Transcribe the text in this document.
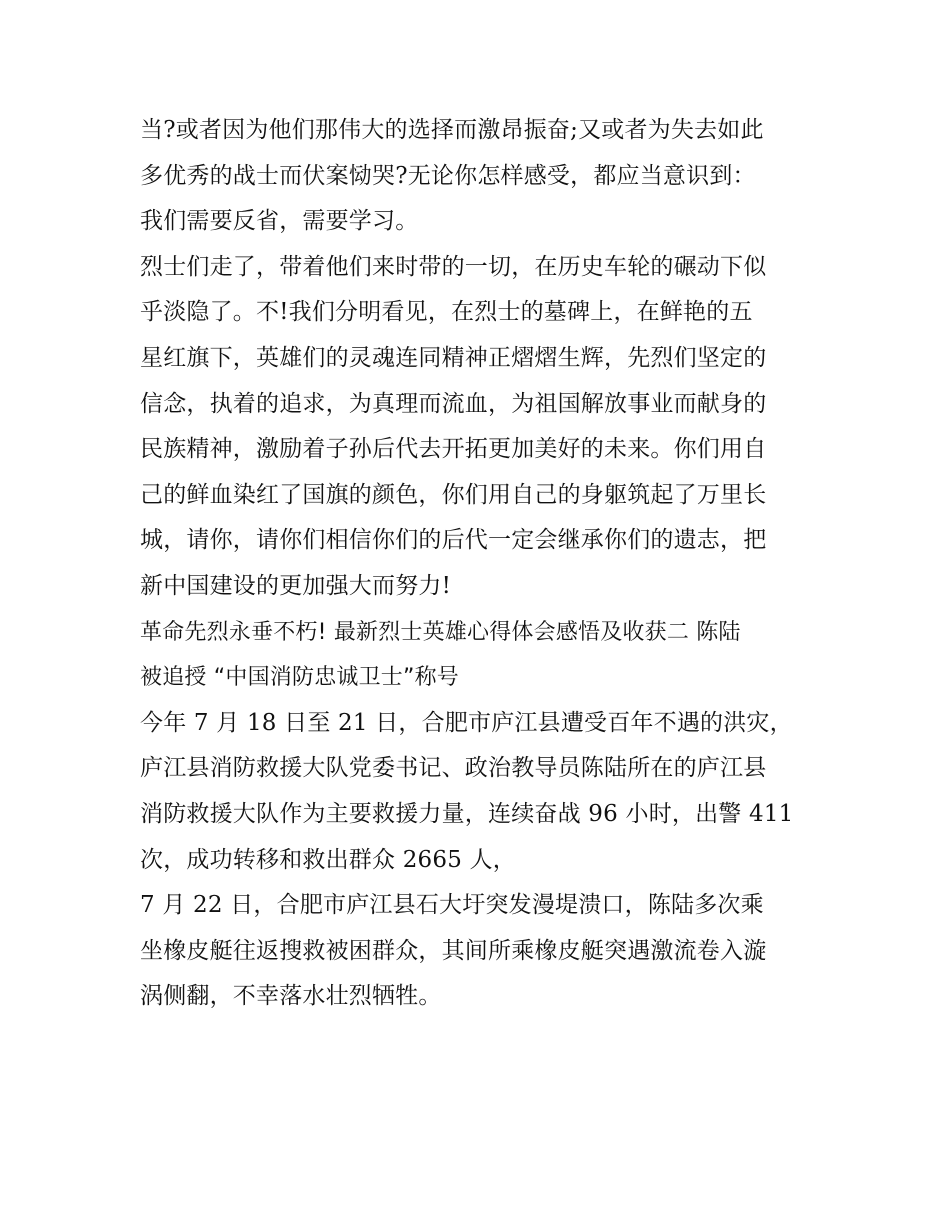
当?或者因为他们那伟大的选择而激昂振奋;又或者为失去如此
多优秀的战士而伏案恸哭?无论你怎样感受，都应当意识到：
我们需要反省，需要学习。
烈士们走了，带着他们来时带的一切，在历史车轮的碾动下似
乎淡隐了。不!我们分明看见，在烈士的墓碑上，在鲜艳的五
星红旗下，英雄们的灵魂连同精神正熠熠生辉，先烈们坚定的
信念，执着的追求，为真理而流血，为祖国解放事业而献身的
民族精神，激励着子孙后代去开拓更加美好的未来。你们用自
己的鲜血染红了国旗的颜色，你们用自己的身躯筑起了万里长
城，请你，请你们相信你们的后代一定会继承你们的遗志，把
新中国建设的更加强大而努力!
革命先烈永垂不朽! 最新烈士英雄心得体会感悟及收获二 陈陆
被追授 “中国消防忠诚卫士”称号
今年 7 月 18 日至 21 日，合肥市庐江县遭受百年不遇的洪灾，
庐江县消防救援大队党委书记、政治教导员陈陆所在的庐江县
消防救援大队作为主要救援力量，连续奋战 96 小时，出警 411
次，成功转移和救出群众 2665 人，
7 月 22 日，合肥市庐江县石大圩突发漫堤溃口，陈陆多次乘
坐橡皮艇往返搜救被困群众，其间所乘橡皮艇突遇激流卷入漩
涡侧翻，不幸落水壮烈牺牲。
